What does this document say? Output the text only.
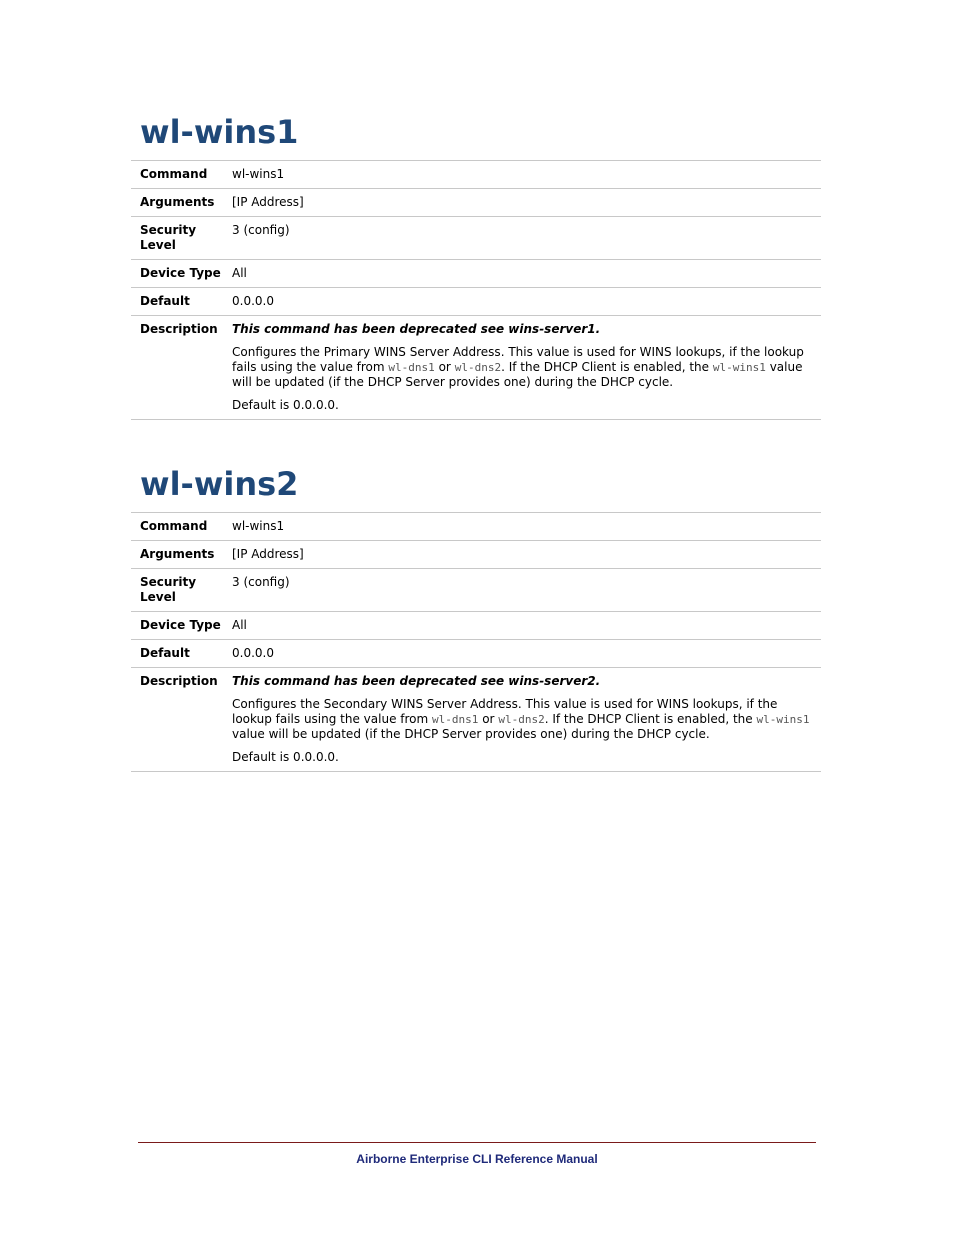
wl-wins1
Command	wl-wins1
Arguments	[IP Address]
Security Level	3 (config)
Device Type	All
Default	0.0.0.0
Description	This command has been deprecated see wins-server1.

Configures the Primary WINS Server Address. This value is used for WINS lookups, if the lookup fails using the value from wl-dns1 or wl-dns2. If the DHCP Client is enabled, the wl-wins1 value will be updated (if the DHCP Server provides one) during the DHCP cycle.

Default is 0.0.0.0.

wl-wins2
Command	wl-wins1
Arguments	[IP Address]
Security Level	3 (config)
Device Type	All
Default	0.0.0.0
Description	This command has been deprecated see wins-server2.

Configures the Secondary WINS Server Address. This value is used for WINS lookups, if the lookup fails using the value from wl-dns1 or wl-dns2. If the DHCP Client is enabled, the wl-wins1 value will be updated (if the DHCP Server provides one) during the DHCP cycle.

Default is 0.0.0.0.

Airborne Enterprise CLI Reference Manual
